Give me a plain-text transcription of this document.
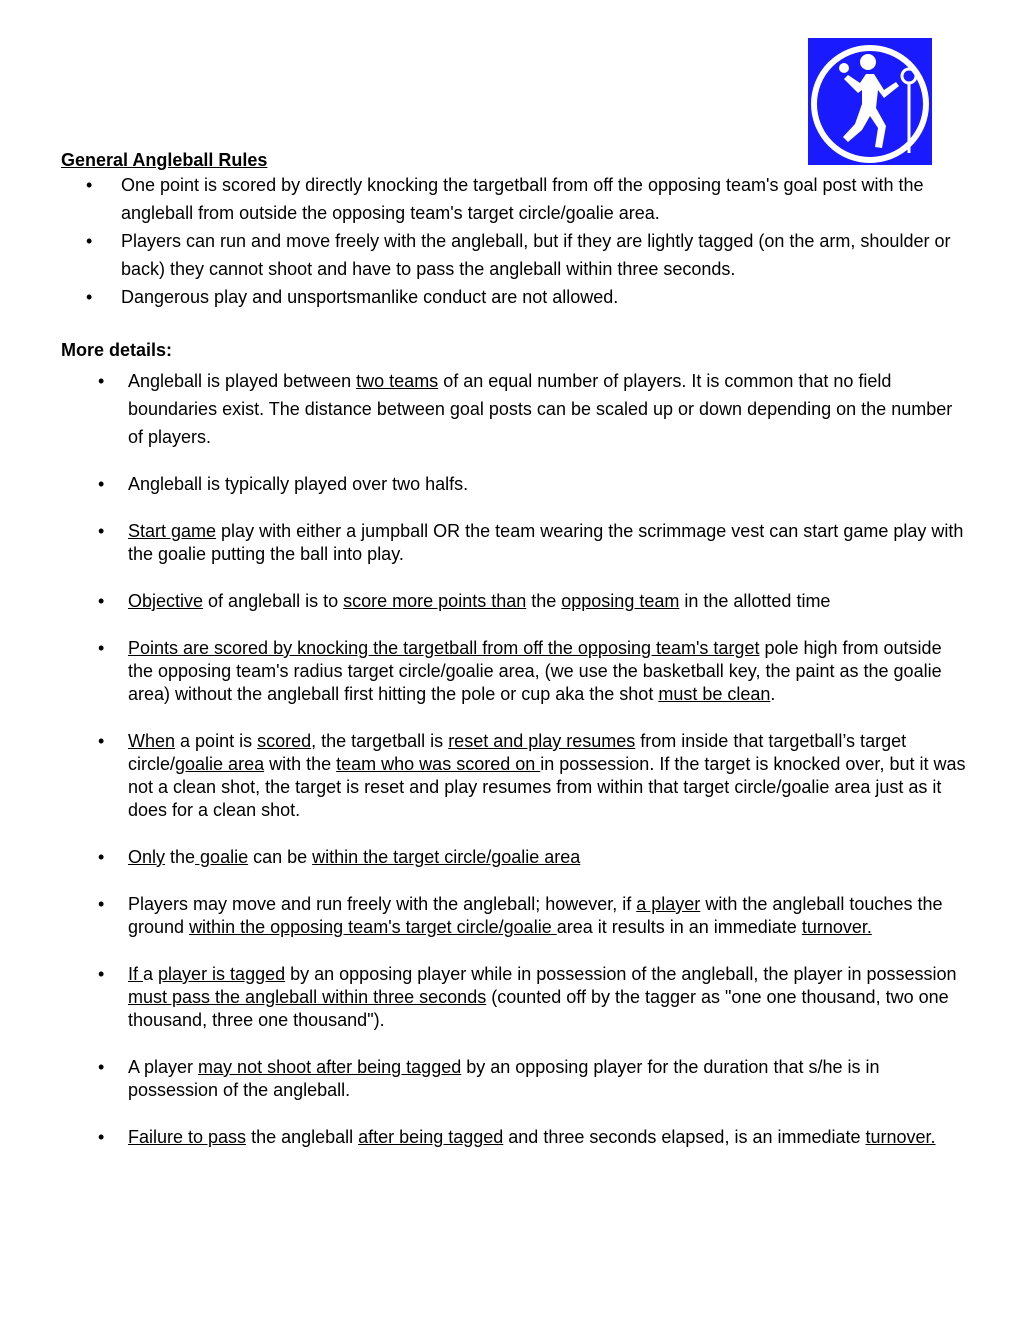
General Angleball Rules

• One point is scored by directly knocking the targetball from off the opposing team's goal post with the angleball from outside the opposing team's target circle/goalie area.
• Players can run and move freely with the angleball, but if they are lightly tagged (on the arm, shoulder or back) they cannot shoot and have to pass the angleball within three seconds.
• Dangerous play and unsportsmanlike conduct are not allowed.

More details:

• Angleball is played between two teams of an equal number of players. It is common that no field boundaries exist. The distance between goal posts can be scaled up or down depending on the number of players.
• Angleball is typically played over two halfs.
• Start game play with either a jumpball OR the team wearing the scrimmage vest can start game play with the goalie putting the ball into play.
• Objective of angleball is to score more points than the opposing team in the allotted time
• Points are scored by knocking the targetball from off the opposing team's target pole high from outside the opposing team's radius target circle/goalie area, (we use the basketball key, the paint as the goalie area) without the angleball first hitting the pole or cup aka the shot must be clean.
• When a point is scored, the targetball is reset and play resumes from inside that targetball’s target circle/goalie area with the team who was scored on in possession. If the target is knocked over, but it was not a clean shot, the target is reset and play resumes from within that target circle/goalie area just as it does for a clean shot.
• Only the goalie can be within the target circle/goalie area
• Players may move and run freely with the angleball; however, if a player with the angleball touches the ground within the opposing team's target circle/goalie area it results in an immediate turnover.
• If a player is tagged by an opposing player while in possession of the angleball, the player in possession must pass the angleball within three seconds (counted off by the tagger as "one one thousand, two one thousand, three one thousand").
• A player may not shoot after being tagged by an opposing player for the duration that s/he is in possession of the angleball.
• Failure to pass the angleball after being tagged and three seconds elapsed, is an immediate turnover.
